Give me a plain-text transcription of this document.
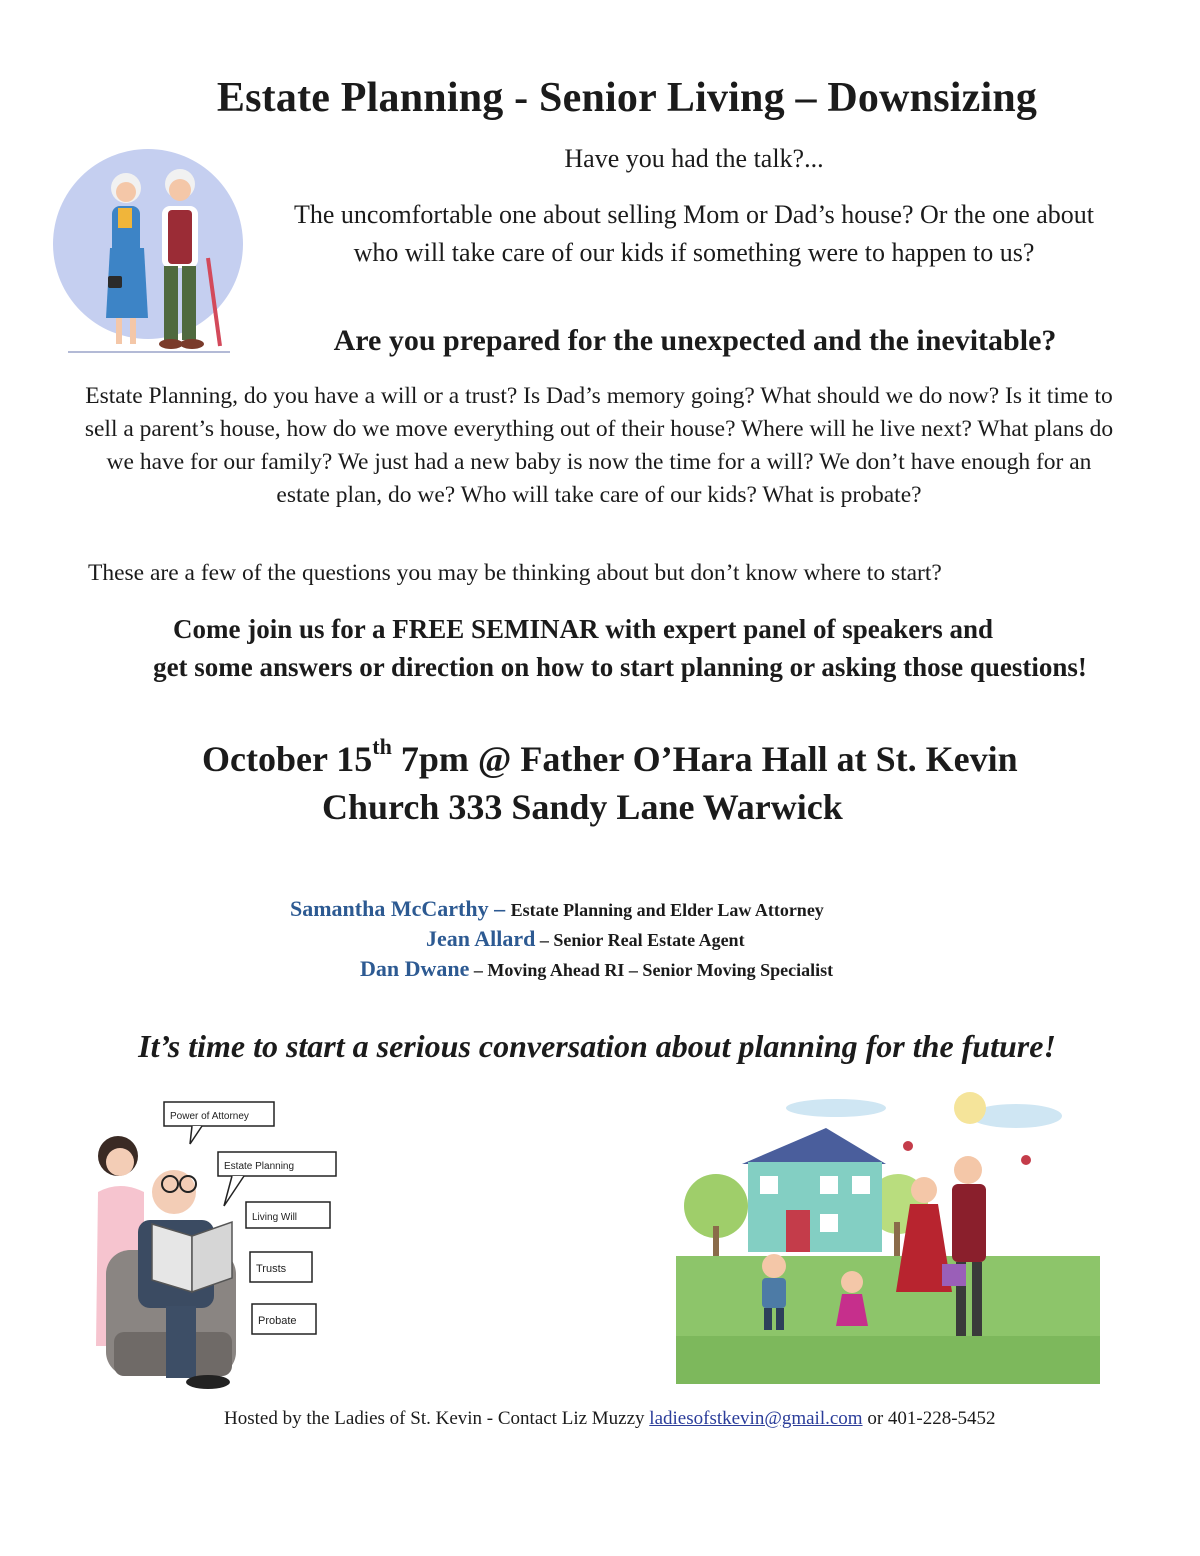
Estate Planning - Senior Living – Downsizing
Have you had the talk?...
The uncomfortable one about selling Mom or Dad’s house? Or the one about who will take care of our kids if something were to happen to us?
Are you prepared for the unexpected and the inevitable?
Estate Planning, do you have a will or a trust? Is Dad’s memory going? What should we do now? Is it time to sell a parent’s house, how do we move everything out of their house? Where will he live next? What plans do we have for our family? We just had a new baby is now the time for a will? We don’t have enough for an estate plan, do we? Who will take care of our kids? What is probate?
These are a few of the questions you may be thinking about but don’t know where to start?
Come join us for a FREE SEMINAR with expert panel of speakers and
get some answers or direction on how to start planning or asking those questions!
October 15th 7pm @ Father O’Hara Hall at St. Kevin
Church 333 Sandy Lane Warwick
Samantha McCarthy – Estate Planning and Elder Law Attorney
Jean Allard – Senior Real Estate Agent
Dan Dwane – Moving Ahead RI – Senior Moving Specialist
It’s time to start a serious conversation about planning for the future!
Power of Attorney
Estate Planning
Living Will
Trusts
Probate
Hosted by the Ladies of St. Kevin - Contact Liz Muzzy ladiesofstkevin@gmail.com or 401-228-5452
